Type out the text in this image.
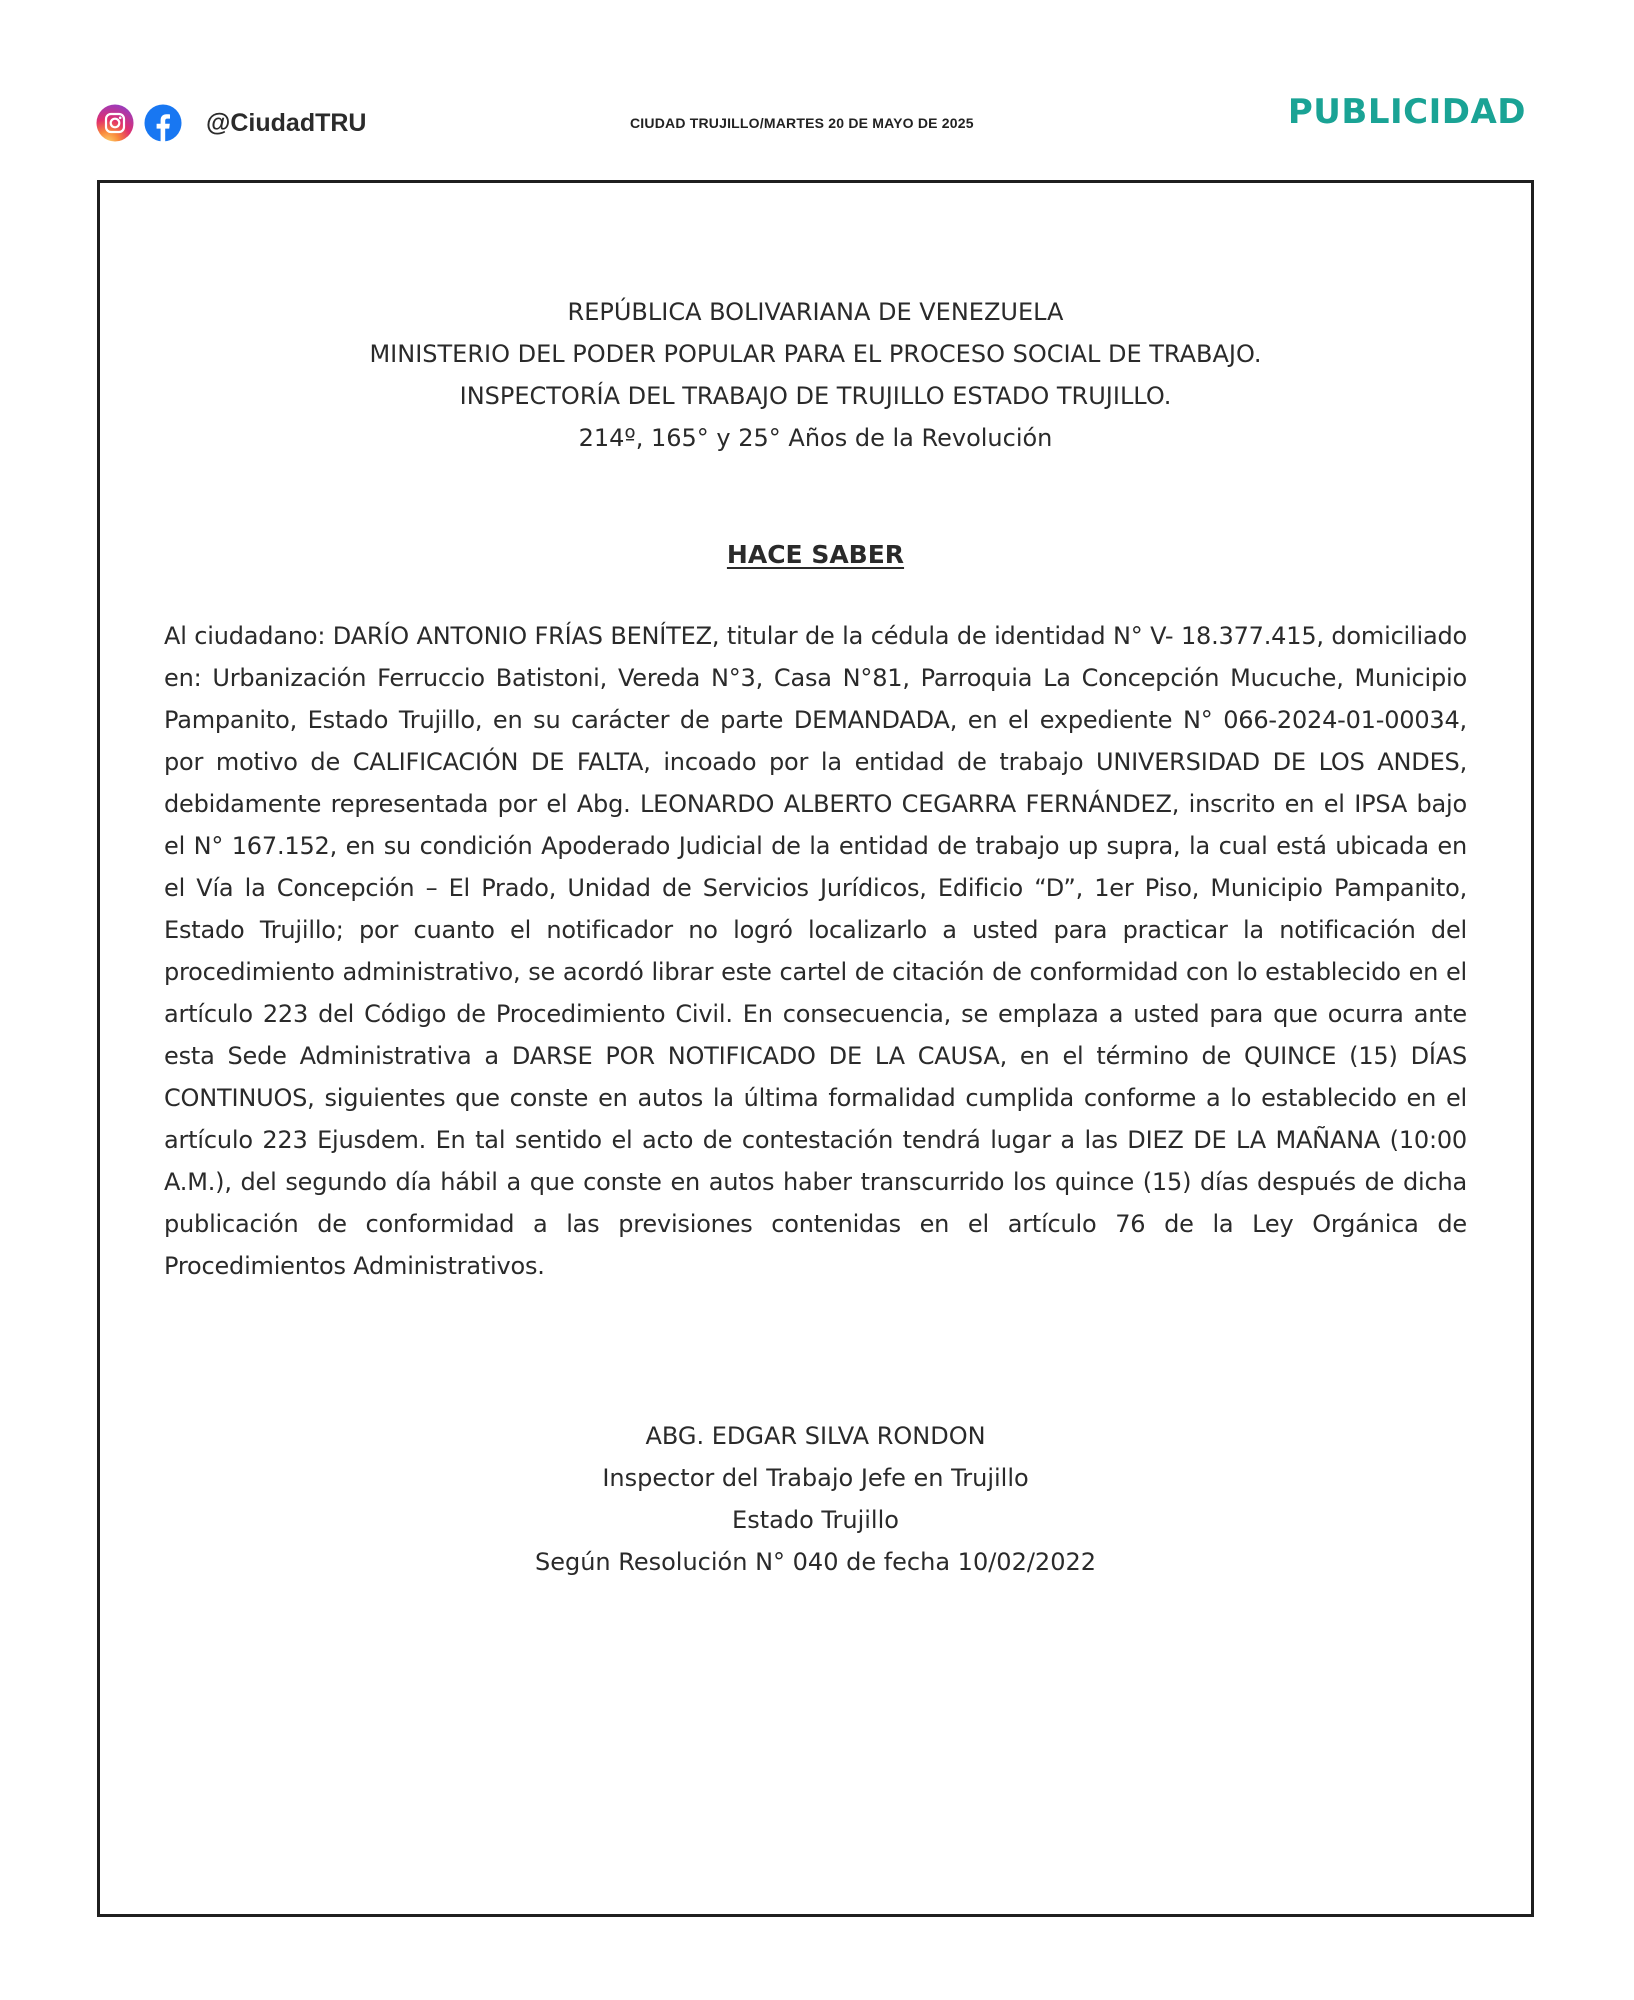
@CiudadTRU	CIUDAD TRUJILLO/MARTES 20 DE MAYO DE 2025	PUBLICIDAD
REPÚBLICA BOLIVARIANA DE VENEZUELA
MINISTERIO DEL PODER POPULAR PARA EL PROCESO SOCIAL DE TRABAJO.
INSPECTORÍA DEL TRABAJO DE TRUJILLO ESTADO TRUJILLO.
214º, 165° y 25° Años de la Revolución
HACE SABER
Al ciudadano: DARÍO ANTONIO FRÍAS BENÍTEZ, titular de la cédula de identidad N° V- 18.377.415, domiciliado en: Urbanización Ferruccio Batistoni, Vereda N°3, Casa N°81, Parroquia La Concepción Mucuche, Municipio Pampanito, Estado Trujillo, en su carácter de parte DEMANDADA, en el expediente N° 066-2024-01-00034, por motivo de CALIFICACIÓN DE FALTA, incoado por la entidad de trabajo UNIVERSIDAD DE LOS ANDES, debidamente representada por el Abg. LEONARDO ALBERTO CEGARRA FERNÁNDEZ, inscrito en el IPSA bajo el N° 167.152, en su condición Apoderado Judicial de la entidad de trabajo up supra, la cual está ubicada en el Vía la Concepción – El Prado, Unidad de Servicios Jurídicos, Edificio “D”, 1er Piso, Municipio Pampanito, Estado Trujillo; por cuanto el notificador no logró localizarlo a usted para practicar la notificación del procedimiento administrativo, se acordó librar este cartel de citación de conformidad con lo establecido en el artículo 223 del Código de Procedimiento Civil. En consecuencia, se emplaza a usted para que ocurra ante esta Sede Administrativa a DARSE POR NOTIFICADO DE LA CAUSA, en el término de QUINCE (15) DÍAS CONTINUOS, siguientes que conste en autos la última formalidad cumplida conforme a lo establecido en el artículo 223 Ejusdem. En tal sentido el acto de contestación tendrá lugar a las DIEZ DE LA MAÑANA (10:00 A.M.), del segundo día hábil a que conste en autos haber transcurrido los quince (15) días después de dicha publicación de conformidad a las previsiones contenidas en el artículo 76 de la Ley Orgánica de Procedimientos Administrativos.
ABG. EDGAR SILVA RONDON
Inspector del Trabajo Jefe en Trujillo
Estado Trujillo
Según Resolución N° 040 de fecha 10/02/2022
